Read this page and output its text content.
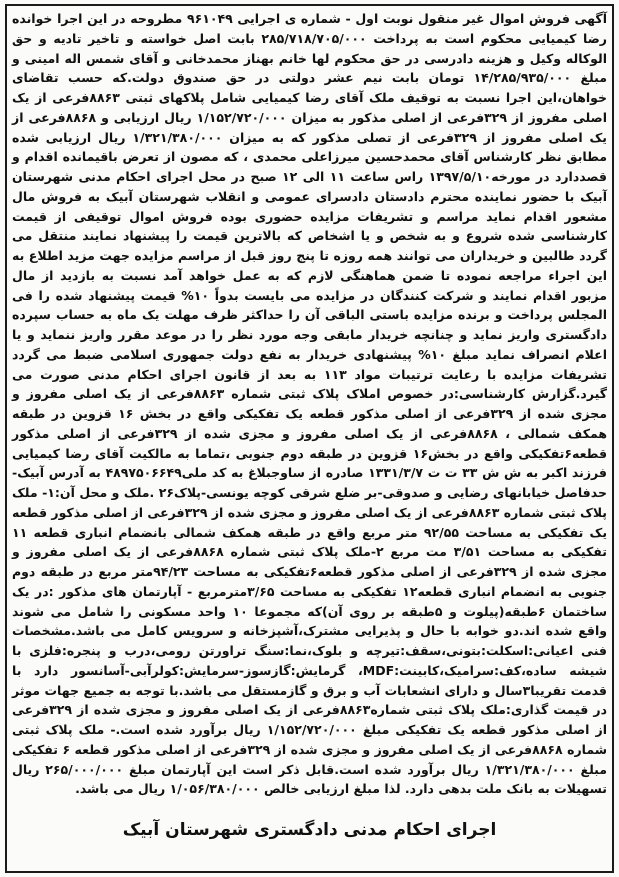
آگهی فروش اموال غیر منقول نوبت اول - شماره ی اجرایی ۹۶۱۰۴۹ مطروحه در این اجرا خوانده رضا کیمیایی محکوم است به پرداخت ۲۸۵/۷۱۸/۷۰۵/۰۰۰ بابت اصل خواسته و تاخیر تادیه و حق الوکاله وکیل و هزینه دادرسی در حق محکوم لها خانم بهناز محمدخانی و آقای شمس اله امینی و مبلغ ۱۴/۲۸۵/۹۳۵/۰۰۰ تومان بابت نیم عشر دولتی در حق صندوق دولت.که حسب تقاضای خواهان،این اجرا نسبت به توقیف ملک آقای رضا کیمیایی شامل پلاکهای ثبتی ۸۸۶۳فرعی از یک اصلی مفروز از ۳۲۹فرعی از اصلی مذکور به میزان ۱/۱۵۲/۷۲۰/۰۰۰ ریال ارزیابی و ۸۸۶۸فرعی از یک اصلی مفروز از ۳۲۹فرعی از تصلی مذکور که به میزان ۱/۳۲۱/۳۸۰/۰۰۰ ریال ارزیابی شده مطابق نظر کارشناس آقای محمدحسین میرزاعلی محمدی ، که مصون از تعرض باقیمانده اقدام و قصددارد در مورخه۱۳۹۷/۵/۱۰ راس ساعت ۱۱ الی ۱۲ صبح در محل اجرای احکام مدنی شهرستان آبیک با حضور نماینده محترم دادستان دادسرای عمومی و انقلاب شهرستان آبیک به فروش مال مشعور اقدام نماید مراسم و تشریفات مزایده حضوری بوده فروش اموال توقیفی از قیمت کارشناسی شده شروع و به شخص و یا اشخاص که بالاترین قیمت را پیشنهاد نمایند منتقل می گردد طالبین و خریداران می توانند همه روزه تا پنج روز قبل از مراسم مزایده جهت مزید اطلاع به این اجراء مراجعه نموده تا ضمن هماهنگی لازم که به عمل خواهد آمد نسبت به بازدید از مال مزبور اقدام نمایند و شرکت کنندگان در مزایده می بایست بدواً ۱۰% قیمت پیشنهاد شده را فی المجلس پرداخت و برنده مزایده باستی الباقی آن را حداکثر ظرف مهلت یک ماه به حساب سپرده دادگستری واریز نماید و چنانچه خریدار مابقی وجه مورد نظر را در موعد مقرر واریز ننماید و یا اعلام انصراف نماید مبلغ ۱۰% پیشنهادی خریدار به نفع دولت جمهوری اسلامی ضبط می گردد تشریفات مزایده با رعایت ترتیبات مواد ۱۱۳ به بعد از قانون اجرای احکام مدنی صورت می گیرد.گزارش کارشناسی:در خصوص املاک پلاک ثبتی شماره ۸۸۶۳فرعی از یک اصلی مفروز و مجزی شده از ۳۲۹فرعی از اصلی مذکور قطعه یک تفکیکی واقع در بخش ۱۶ قزوین در طبقه همکف شمالی ، ۸۸۶۸فرعی از یک اصلی مفروز و مجزی شده از ۳۲۹فرعی از اصلی مذکور قطعه۶تفکیکی واقع در بخش۱۶ قزوین در طبقه دوم جنوبی ،تماما به مالکیت آقای رضا کیمیایی فرزند اکبر به ش ش ۳۳ ت ت ۱۳۳۱/۳/۷ صادره از ساوجبلاغ به کد ملی۴۸۹۷۵۰۶۶۴۹ به آدرس آبیک-حدفاصل خیابانهای رضایی و صدوقی-بر ضلع شرقی کوچه یونسی-پلاک۲۶ .ملک و محل آن:۱- ملک پلاک ثبتی شماره ۸۸۶۳فرعی از یک اصلی مفروز و مجزی شده از ۳۲۹فرعی از اصلی مذکور قطعه یک تفکیکی به مساحت ۹۲/۵۵ متر مربع واقع در طبقه همکف شمالی بانضمام انباری قطعه ۱۱ تفکیکی به مساحت ۳/۵۱ مت مربع ۲-ملک پلاک ثبتی شماره ۸۸۶۸فرعی از یک اصلی مفروز و مجزی شده از ۳۲۹فرعی از اصلی مذکور قطعه۶تفکیکی به مساحت ۹۴/۲۳متر مربع در طبقه دوم جنوبی به انضمام انباری قطعه۱۲ تفکیکی به مساحت ۳/۶۵مترمربع - آپارتمان های مذکور :در یک ساختمان ۶طبقه(پیلوت و ۵طبقه بر روی آن)که مجموعا ۱۰ واحد مسکونی را شامل می شوند واقع شده اند.دو خوابه با حال و پذیرایی مشترک،آشپزخانه و سرویس کامل می باشد.مشخصات فنی اعیانی:اسکلت:بتونی،سقف:تیرچه و بلوک،نما:سنگ تراورتن رومی،درب و پنجره:فلزی با شیشه ساده،کف:سرامیک،کابینت:MDF، گرمایش:گازسوز-سرمایش:کولرآبی-آسانسور دارد با قدمت تقریبا۳سال و دارای انشعابات آب و برق و گازمستقل می باشد.با توجه به جمیع جهات موثر در قیمت گذاری:ملک پلاک ثبتی شماره۸۸۶۳فرعی از یک اصلی مفروز و مجزی شده از ۳۲۹فرعی از اصلی مذکور قطعه یک تفکیکی مبلغ ۱/۱۵۲/۷۲۰/۰۰۰ ریال برآورد شده است.- ملک پلاک ثبتی شماره ۸۸۶۸فرعی از یک اصلی مفروز و مجزی شده از ۳۲۹فرعی از اصلی مذکور قطعه ۶ تفکیکی مبلغ ۱/۳۲۱/۳۸۰/۰۰۰ ریال برآورد شده است.قابل ذکر است این آپارتمان مبلغ ۲۶۵/۰۰۰/۰۰۰ ریال تسهیلات به بانک ملت بدهی دارد. لذا مبلغ ارزیابی خالص ۱/۰۵۶/۳۸۰/۰۰۰ ریال می باشد.

اجرای احکام مدنی دادگستری شهرستان آبیک
